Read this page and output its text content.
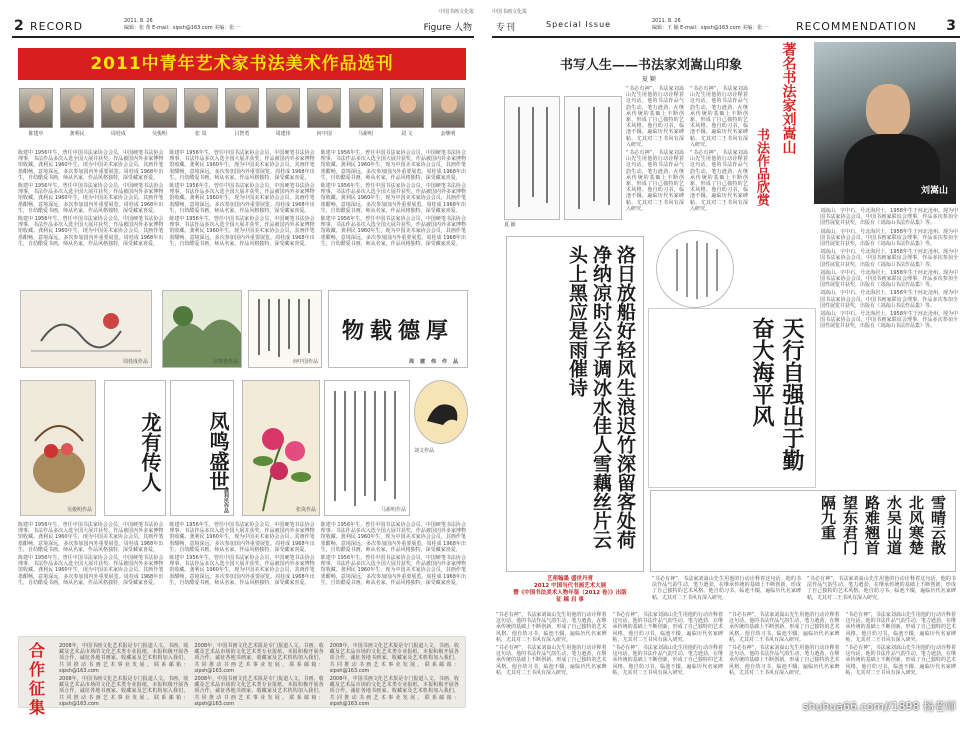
中国书画文化报
2 RECORD	2011. 8. 26
编辑：张 帮 E-mail：sipsh@163.com 美编：张 一	Figure 人物
2011中青年艺术家书法美术作品选刊
陈建中	龚利民	周桂成	吴俊明	张 岚	吕智勇	周建伟	何中国	马新明	刘 文	金继明

陈建中 1956年生，曾任中国书法家协会会员，中国硬笔书法协会理事，书法作品多次入选全国大展并获奖，作品被国内外多家博物馆收藏。龚利民 1960年生，现为中国美术家协会会员，其画作笔墨酣畅，意境深远，多次参加国内外重要展览。周桂成 1968年出生，自幼酷爱书画，师从名家，作品风格独特，深受藏家喜爱。

陈建中 1956年生，曾任中国书法家协会会员，中国硬笔书法协会理事，书法作品多次入选全国大展并获奖，作品被国内外多家博物馆收藏。龚利民 1960年生，现为中国美术家协会会员，其画作笔墨酣畅，意境深远，多次参加国内外重要展览。周桂成 1968年出生，自幼酷爱书画，师从名家，作品风格独特，深受藏家喜爱。

陈建中 1956年生，曾任中国书法家协会会员，中国硬笔书法协会理事，书法作品多次入选全国大展并获奖，作品被国内外多家博物馆收藏。龚利民 1960年生，现为中国美术家协会会员，其画作笔墨酣畅，意境深远，多次参加国内外重要展览。周桂成 1968年出生，自幼酷爱书画，师从名家，作品风格独特，深受藏家喜爱。

陈建中 1956年生，曾任中国书法家协会会员，中国硬笔书法协会理事，书法作品多次入选全国大展并获奖，作品被国内外多家博物馆收藏。龚利民 1960年生，现为中国美术家协会会员，其画作笔墨酣畅，意境深远，多次参加国内外重要展览。周桂成 1968年出生，自幼酷爱书画，师从名家，作品风格独特，深受藏家喜爱。

陈建中 1956年生，曾任中国书法家协会会员，中国硬笔书法协会理事，书法作品多次入选全国大展并获奖，作品被国内外多家博物馆收藏。龚利民 1960年生，现为中国美术家协会会员，其画作笔墨酣畅，意境深远，多次参加国内外重要展览。周桂成 1968年出生，自幼酷爱书画，师从名家，作品风格独特，深受藏家喜爱。

陈建中 1956年生，曾任中国书法家协会会员，中国硬笔书法协会理事，书法作品多次入选全国大展并获奖，作品被国内外多家博物馆收藏。龚利民 1960年生，现为中国美术家协会会员，其画作笔墨酣畅，意境深远，多次参加国内外重要展览。周桂成 1968年出生，自幼酷爱书画，师从名家，作品风格独特，深受藏家喜爱。

陈建中 1956年生，曾任中国书法家协会会员，中国硬笔书法协会理事，书法作品多次入选全国大展并获奖，作品被国内外多家博物馆收藏。龚利民 1960年生，现为中国美术家协会会员，其画作笔墨酣畅，意境深远，多次参加国内外重要展览。周桂成 1968年出生，自幼酷爱书画，师从名家，作品风格独特，深受藏家喜爱。

陈建中 1956年生，曾任中国书法家协会会员，中国硬笔书法协会理事，书法作品多次入选全国大展并获奖，作品被国内外多家博物馆收藏。龚利民 1960年生，现为中国美术家协会会员，其画作笔墨酣畅，意境深远，多次参加国内外重要展览。周桂成 1968年出生，自幼酷爱书画，师从名家，作品风格独特，深受藏家喜爱。

陈建中 1956年生，曾任中国书法家协会会员，中国硬笔书法协会理事，书法作品多次入选全国大展并获奖，作品被国内外多家博物馆收藏。龚利民 1960年生，现为中国美术家协会会员，其画作笔墨酣畅，意境深远，多次参加国内外重要展览。周桂成 1968年出生，自幼酷爱书画，师从名家，作品风格独特，深受藏家喜爱。

周桂成作品	吕智勇作品	何中国作品
厚德载物
周建伟作品
吴俊明作品
龙有传人	凤鸣盛世
龚利民作品	张岚作品	马新明作品
刘文作品

陈建中 1956年生，曾任中国书法家协会会员，中国硬笔书法协会理事，书法作品多次入选全国大展并获奖，作品被国内外多家博物馆收藏。龚利民 1960年生，现为中国美术家协会会员，其画作笔墨酣畅，意境深远，多次参加国内外重要展览。周桂成 1968年出生，自幼酷爱书画，师从名家，作品风格独特，深受藏家喜爱。

陈建中 1956年生，曾任中国书法家协会会员，中国硬笔书法协会理事，书法作品多次入选全国大展并获奖，作品被国内外多家博物馆收藏。龚利民 1960年生，现为中国美术家协会会员，其画作笔墨酣畅，意境深远，多次参加国内外重要展览。周桂成 1968年出生，自幼酷爱书画，师从名家，作品风格独特，深受藏家喜爱。

陈建中 1956年生，曾任中国书法家协会会员，中国硬笔书法协会理事，书法作品多次入选全国大展并获奖，作品被国内外多家博物馆收藏。龚利民 1960年生，现为中国美术家协会会员，其画作笔墨酣畅，意境深远，多次参加国内外重要展览。周桂成 1968年出生，自幼酷爱书画，师从名家，作品风格独特，深受藏家喜爱。

陈建中 1956年生，曾任中国书法家协会会员，中国硬笔书法协会理事，书法作品多次入选全国大展并获奖，作品被国内外多家博物馆收藏。龚利民 1960年生，现为中国美术家协会会员，其画作笔墨酣畅，意境深远，多次参加国内外重要展览。周桂成 1968年出生，自幼酷爱书画，师从名家，作品风格独特，深受藏家喜爱。

陈建中 1956年生，曾任中国书法家协会会员，中国硬笔书法协会理事，书法作品多次入选全国大展并获奖，作品被国内外多家博物馆收藏。龚利民 1960年生，现为中国美术家协会会员，其画作笔墨酣畅，意境深远，多次参加国内外重要展览。周桂成 1968年出生，自幼酷爱书画，师从名家，作品风格独特，深受藏家喜爱。

陈建中 1956年生，曾任中国书法家协会会员，中国硬笔书法协会理事，书法作品多次入选全国大展并获奖，作品被国内外多家博物馆收藏。龚利民 1960年生，现为中国美术家协会会员，其画作笔墨酣畅，意境深远，多次参加国内外重要展览。周桂成 1968年出生，自幼酷爱书画，师从名家，作品风格独特，深受藏家喜爱。

合作征集

2008年，中国书画文化艺术报是专门报道人文、书画、收藏及艺术品市场的文化艺术类专业报纸，本报积极开展各项合作，诚征各地书画家、收藏家及艺术机构加入我们，共同推动书画艺术事业发展。联系邮箱：sipsh@163.com

2008年，中国书画文化艺术报是专门报道人文、书画、收藏及艺术品市场的文化艺术类专业报纸，本报积极开展各项合作，诚征各地书画家、收藏家及艺术机构加入我们，共同推动书画艺术事业发展。联系邮箱：sipsh@163.com

2008年，中国书画文化艺术报是专门报道人文、书画、收藏及艺术品市场的文化艺术类专业报纸，本报积极开展各项合作，诚征各地书画家、收藏家及艺术机构加入我们，共同推动书画艺术事业发展。联系邮箱：sipsh@163.com

2008年，中国书画文化艺术报是专门报道人文、书画、收藏及艺术品市场的文化艺术类专业报纸，本报积极开展各项合作，诚征各地书画家、收藏家及艺术机构加入我们，共同推动书画艺术事业发展。联系邮箱：sipsh@163.com

2008年，中国书画文化艺术报是专门报道人文、书画、收藏及艺术品市场的文化艺术类专业报纸，本报积极开展各项合作，诚征各地书画家、收藏家及艺术机构加入我们，共同推动书画艺术事业发展。联系邮箱：sipsh@163.com

2008年，中国书画文化艺术报是专门报道人文、书画、收藏及艺术品市场的文化艺术类专业报纸，本报积极开展各项合作，诚征各地书画家、收藏家及艺术机构加入我们，共同推动书画艺术事业发展。联系邮箱：sipsh@163.com

中国书画文化报
专刊	Special Issue	2011. 8. 26
编辑：王 颖 E-mail：sipsh@163.com 美编：张 一 RECOMMENDATION 3
书写人生——书法家刘嵩山印象
夏 颖	著名书法家刘嵩山
书法作品欣赏	刘嵩山

“书必有神”，书法家刘嵩山先生用他的行动诠释着这句话。他的书法作品气韵生动，笔力遒劲，在继承传统的基础上不断创新，形成了自己独特的艺术风格。他自幼习书，临池不辍，遍临历代名家碑帖，尤其对二王书风有深入研究。

“书必有神”，书法家刘嵩山先生用他的行动诠释着这句话。他的书法作品气韵生动，笔力遒劲，在继承传统的基础上不断创新，形成了自己独特的艺术风格。他自幼习书，临池不辍，遍临历代名家碑帖，尤其对二王书风有深入研究。

“书必有神”，书法家刘嵩山先生用他的行动诠释着这句话。他的书法作品气韵生动，笔力遒劲，在继承传统的基础上不断创新，形成了自己独特的艺术风格。他自幼习书，临池不辍，遍临历代名家碑帖，尤其对二王书风有深入研究。

“书必有神”，书法家刘嵩山先生用他的行动诠释着这句话。他的书法作品气韵生动，笔力遒劲，在继承传统的基础上不断创新，形成了自己独特的艺术风格。他自幼习书，临池不辍，遍临历代名家碑帖，尤其对二王书风有深入研究。

夏 颖

洛日放船好轻风生浪迟竹深留客处荷净纳凉时公子调冰水佳人雪藕丝片云头上黑应是雨催诗	天行自强出于勤奋大海平风

刘嵩山，字中石，号北海居士，1958年生于河北沧州。现为中国书法家协会会员，中国书画家联谊会理事，作品多次参加全国性展览并获奖，出版有《刘嵩山书法作品集》等。

刘嵩山，字中石，号北海居士，1958年生于河北沧州。现为中国书法家协会会员，中国书画家联谊会理事，作品多次参加全国性展览并获奖，出版有《刘嵩山书法作品集》等。

刘嵩山，字中石，号北海居士，1958年生于河北沧州。现为中国书法家协会会员，中国书画家联谊会理事，作品多次参加全国性展览并获奖，出版有《刘嵩山书法作品集》等。

刘嵩山，字中石，号北海居士，1958年生于河北沧州。现为中国书法家协会会员，中国书画家联谊会理事，作品多次参加全国性展览并获奖，出版有《刘嵩山书法作品集》等。

刘嵩山，字中石，号北海居士，1958年生于河北沧州。现为中国书法家协会会员，中国书画家联谊会理事，作品多次参加全国性展览并获奖，出版有《刘嵩山书法作品集》等。

刘嵩山，字中石，号北海居士，1958年生于河北沧州。现为中国书法家协会会员，中国书画家联谊会理事，作品多次参加全国性展览并获奖，出版有《刘嵩山书法作品集》等。

雪晴云散北风寒楚水吴山道路难翘首望东君门隔九重
艺苑翰墨 盛世丹青
2012 中国当代书画艺术大展
暨《中国书法美术人物年鉴（2012 卷）》出版
征 稿 启 事

“书必有神”，书法家刘嵩山先生用他的行动诠释着这句话。他的书法作品气韵生动，笔力遒劲，在继承传统的基础上不断创新，形成了自己独特的艺术风格。他自幼习书，临池不辍，遍临历代名家碑帖，尤其对二王书风有深入研究。

“书必有神”，书法家刘嵩山先生用他的行动诠释着这句话。他的书法作品气韵生动，笔力遒劲，在继承传统的基础上不断创新，形成了自己独特的艺术风格。他自幼习书，临池不辍，遍临历代名家碑帖，尤其对二王书风有深入研究。

“书必有神”，书法家刘嵩山先生用他的行动诠释着这句话。他的书法作品气韵生动，笔力遒劲，在继承传统的基础上不断创新，形成了自己独特的艺术风格。他自幼习书，临池不辍，遍临历代名家碑帖，尤其对二王书风有深入研究。

“书必有神”，书法家刘嵩山先生用他的行动诠释着这句话。他的书法作品气韵生动，笔力遒劲，在继承传统的基础上不断创新，形成了自己独特的艺术风格。他自幼习书，临池不辍，遍临历代名家碑帖，尤其对二王书风有深入研究。

“书必有神”，书法家刘嵩山先生用他的行动诠释着这句话。他的书法作品气韵生动，笔力遒劲，在继承传统的基础上不断创新，形成了自己独特的艺术风格。他自幼习书，临池不辍，遍临历代名家碑帖，尤其对二王书风有深入研究。

“书必有神”，书法家刘嵩山先生用他的行动诠释着这句话。他的书法作品气韵生动，笔力遒劲，在继承传统的基础上不断创新，形成了自己独特的艺术风格。他自幼习书，临池不辍，遍临历代名家碑帖，尤其对二王书风有深入研究。

“书必有神”，书法家刘嵩山先生用他的行动诠释着这句话。他的书法作品气韵生动，笔力遒劲，在继承传统的基础上不断创新，形成了自己独特的艺术风格。他自幼习书，临池不辍，遍临历代名家碑帖，尤其对二王书风有深入研究。

“书必有神”，书法家刘嵩山先生用他的行动诠释着这句话。他的书法作品气韵生动，笔力遒劲，在继承传统的基础上不断创新，形成了自己独特的艺术风格。他自幼习书，临池不辍，遍临历代名家碑帖，尤其对二王书风有深入研究。

“书必有神”，书法家刘嵩山先生用他的行动诠释着这句话。他的书法作品气韵生动，笔力遒劲，在继承传统的基础上不断创新，形成了自己独特的艺术风格。他自幼习书，临池不辍，遍临历代名家碑帖，尤其对二王书风有深入研究。

“书必有神”，书法家刘嵩山先生用他的行动诠释着这句话。他的书法作品气韵生动，笔力遒劲，在继承传统的基础上不断创新，形成了自己独特的艺术风格。他自幼习书，临池不辍，遍临历代名家碑帖，尤其对二王书风有深入研究。

shuhua66.com//1898 杨老师
